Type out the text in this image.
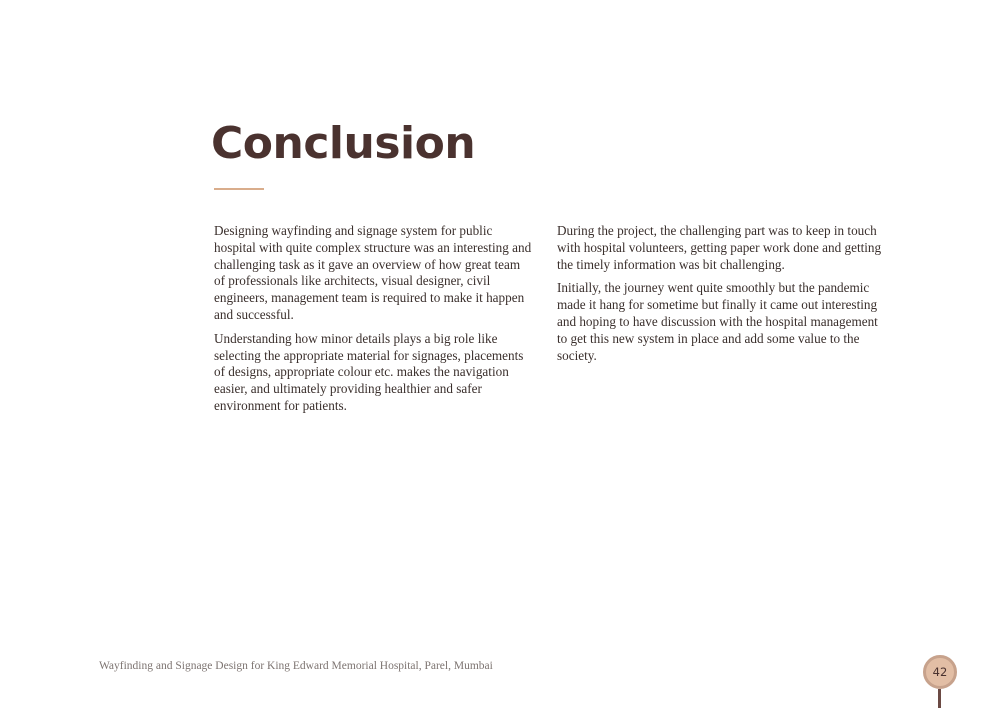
Conclusion

Designing wayfinding and signage system for public hospital with quite complex structure was an interesting and challenging task as it gave an overview of how great team of professionals like architects, visual designer, civil engineers, management team is required to make it happen and successful.

Understanding how minor details plays a big role like selecting the appropriate material for signages, placements of designs, appropriate colour etc. makes the navigation easier, and ultimately providing healthier and safer environment for patients.

During the project, the challenging part was to keep in touch with hospital volunteers, getting paper work done and getting the timely information was bit challenging.

Initially, the journey went quite smoothly but the pandemic made it hang for sometime but finally it came out interesting and hoping to have discussion with the hospital management to get this new system in place and add some value to the society.

Wayfinding and Signage Design for King Edward Memorial Hospital, Parel, Mumbai	42
